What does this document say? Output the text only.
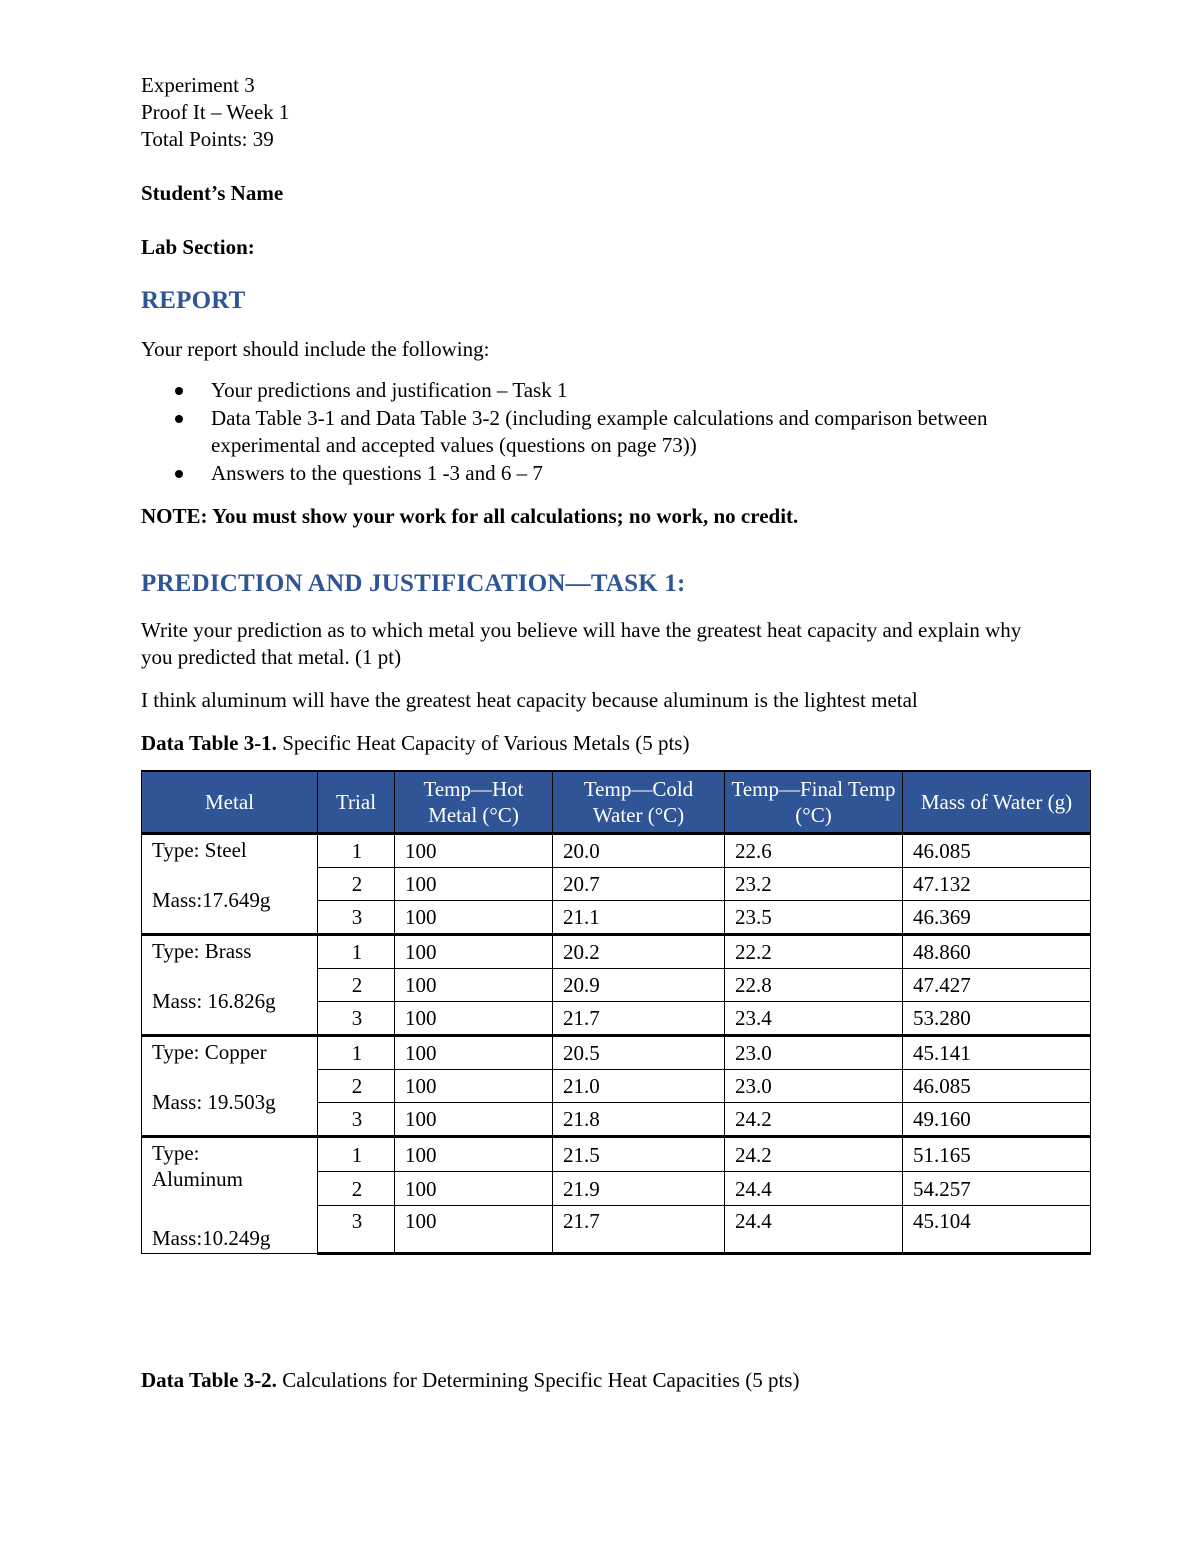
Experiment 3

Proof It – Week 1

Total Points: 39

Student’s Name

Lab Section:

REPORT

Your report should include the following:

Your predictions and justification – Task 1
Data Table 3-1 and Data Table 3-2 (including example calculations and comparison between experimental and accepted values (questions on page 73))
Answers to the questions 1 -3 and 6 – 7

NOTE: You must show your work for all calculations; no work, no credit.

PREDICTION AND JUSTIFICATION—TASK 1:

Write your prediction as to which metal you believe will have the greatest heat capacity and explain why you predicted that metal. (1 pt)

I think aluminum will have the greatest heat capacity because aluminum is the lightest metal

Data Table 3-1. Specific Heat Capacity of Various Metals (5 pts)

Metal	Trial	Temp—Hot Metal (°C)	Temp—Cold Water (°C)	Temp—Final Temp (°C)	Mass of Water (g)

Type: Steel
Mass:17.649g	1	100	20.0	22.6	46.085
	2	100	20.7	23.2	47.132
	3	100	21.1	23.5	46.369

Type: Brass
Mass: 16.826g	1	100	20.2	22.2	48.860
	2	100	20.9	22.8	47.427
	3	100	21.7	23.4	53.280

Type: Copper
Mass: 19.503g	1	100	20.5	23.0	45.141
	2	100	21.0	23.0	46.085
	3	100	21.8	24.2	49.160

Type: Aluminum
Mass:10.249g	1	100	21.5	24.2	51.165
	2	100	21.9	24.4	54.257
	3	100	21.7	24.4	45.104

Data Table 3-2. Calculations for Determining Specific Heat Capacities (5 pts)
